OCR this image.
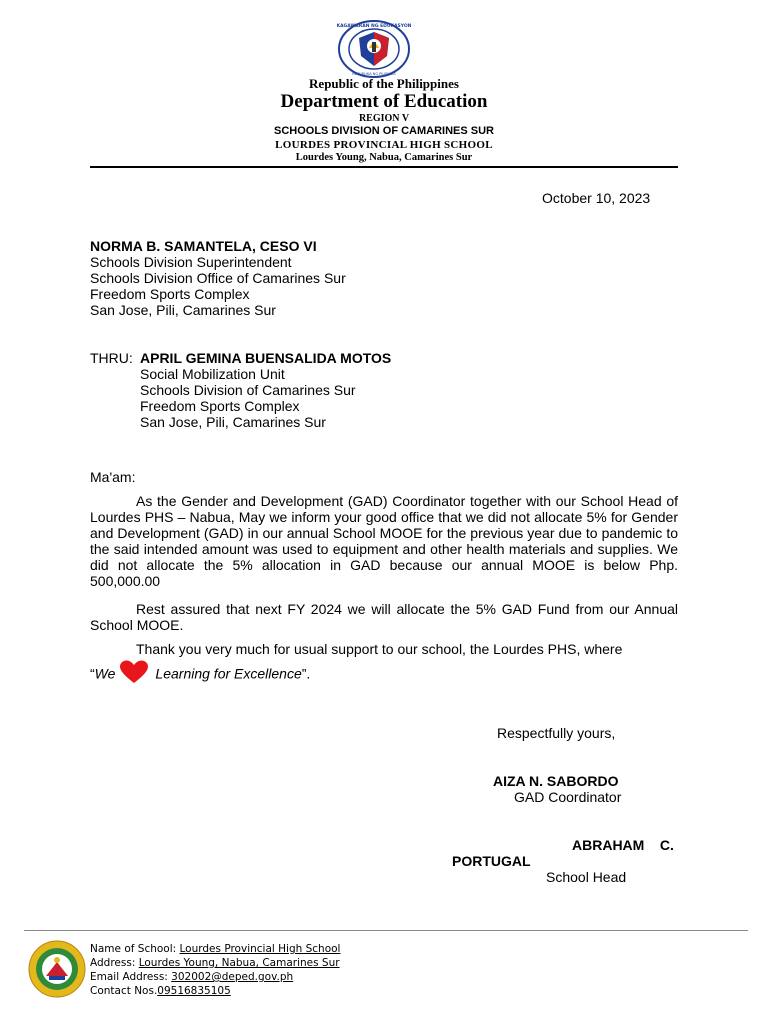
KAGAWARAN NG EDUKASYON
REPUBLIKA NG PILIPINAS
Republic of the Philippines
Department of Education
REGION V
SCHOOLS DIVISION OF CAMARINES SUR
LOURDES PROVINCIAL HIGH SCHOOL
Lourdes Young, Nabua, Camarines Sur
October 10, 2023
NORMA B. SAMANTELA, CESO VI
Schools Division Superintendent
Schools Division Office of Camarines Sur
Freedom Sports Complex
San Jose, Pili, Camarines Sur
THRU: APRIL GEMINA BUENSALIDA MOTOS
Social Mobilization Unit
Schools Division of Camarines Sur
Freedom Sports Complex
San Jose, Pili, Camarines Sur
Ma'am:
As the Gender and Development (GAD) Coordinator together with our School Head of Lourdes PHS – Nabua, May we inform your good office that we did not allocate 5% for Gender and Development (GAD) in our annual School MOOE for the previous year due to pandemic to the said intended amount was used to equipment and other health materials and supplies. We did not allocate the 5% allocation in GAD because our annual MOOE is below Php. 500,000.00
Rest assured that next FY 2024 we will allocate the 5% GAD Fund from our Annual School MOOE.
Thank you very much for usual support to our school, the Lourdes PHS, where
“We	Learning for Excellence”.
Respectfully yours,
AIZA N. SABORDO
GAD Coordinator
ABRAHAM    C.
PORTUGAL
School Head
Name of School: Lourdes Provincial High School
Address: Lourdes Young, Nabua, Camarines Sur
Email Address: 302002@deped.gov.ph
Contact Nos.09516835105
